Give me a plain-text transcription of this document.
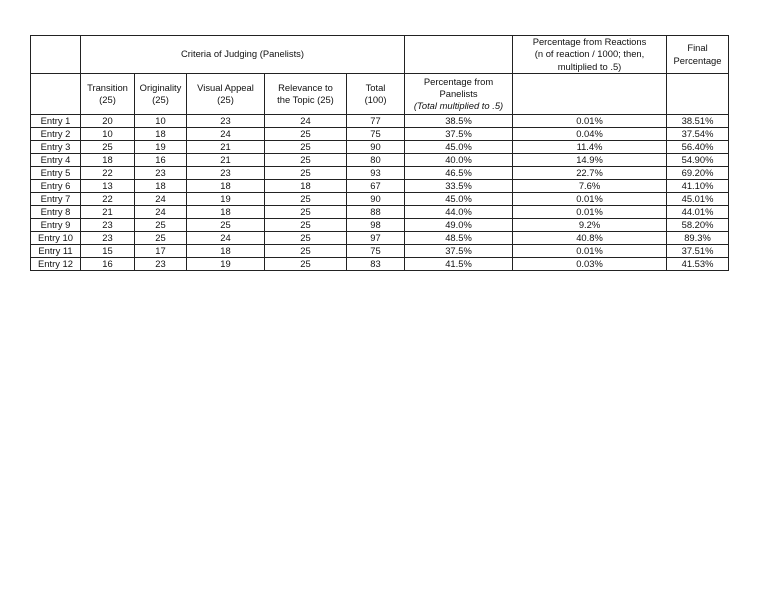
	Criteria of Judging (Panelists)						Percentage from Reactions
(n of reaction / 1000; then,
multiplied to .5)	Final
Percentage

	Transition
(25)	Originality
(25)	Visual Appeal
(25)	Relevance to
the Topic (25)	Total
(100)	Percentage from
Panelists
(Total multiplied to .5)		

Entry 1	20	10	23	24	77	38.5%	0.01%	38.51%
Entry 2	10	18	24	25	75	37.5%	0.04%	37.54%
Entry 3	25	19	21	25	90	45.0%	11.4%	56.40%
Entry 4	18	16	21	25	80	40.0%	14.9%	54.90%
Entry 5	22	23	23	25	93	46.5%	22.7%	69.20%
Entry 6	13	18	18	18	67	33.5%	7.6%	41.10%
Entry 7	22	24	19	25	90	45.0%	0.01%	45.01%
Entry 8	21	24	18	25	88	44.0%	0.01%	44.01%
Entry 9	23	25	25	25	98	49.0%	9.2%	58.20%
Entry 10	23	25	24	25	97	48.5%	40.8%	89.3%
Entry 11	15	17	18	25	75	37.5%	0.01%	37.51%
Entry 12	16	23	19	25	83	41.5%	0.03%	41.53%
